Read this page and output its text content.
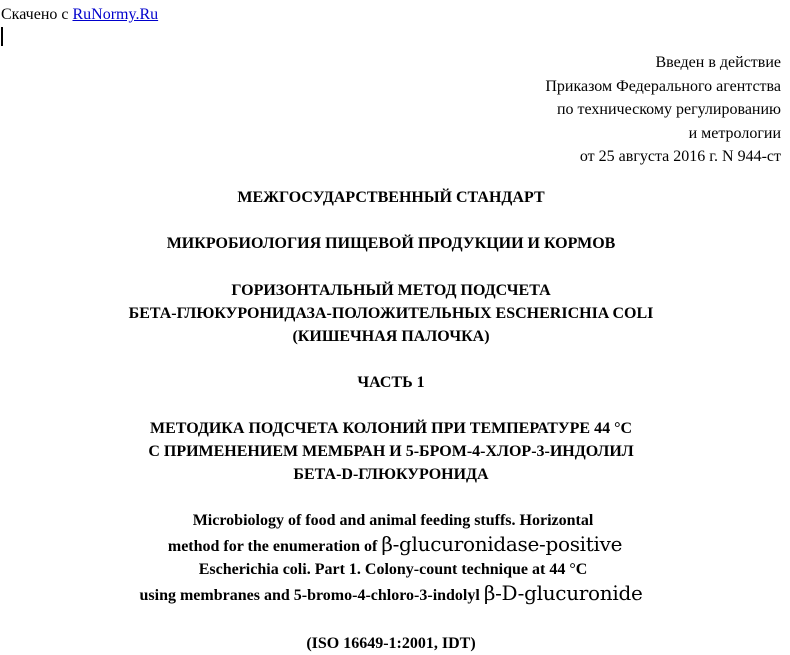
Скачено с RuNormy.Ru
Введен в действие
Приказом Федерального агентства
по техническому регулированию
и метрологии
от 25 августа 2016 г. N 944-ст
МЕЖГОСУДАРСТВЕННЫЙ СТАНДАРТ
МИКРОБИОЛОГИЯ ПИЩЕВОЙ ПРОДУКЦИИ И КОРМОВ
ГОРИЗОНТАЛЬНЫЙ МЕТОД ПОДСЧЕТА
БЕТА-ГЛЮКУРОНИДАЗА-ПОЛОЖИТЕЛЬНЫХ ESCHERICHIA COLI
(КИШЕЧНАЯ ПАЛОЧКА)
ЧАСТЬ 1
МЕТОДИКА ПОДСЧЕТА КОЛОНИЙ ПРИ ТЕМПЕРАТУРЕ 44 °С
С ПРИМЕНЕНИЕМ МЕМБРАН И 5-БРОМ-4-ХЛОР-3-ИНДОЛИЛ
БЕТА-D-ГЛЮКУРОНИДА
Microbiology of food and animal feeding stuffs. Horizontal
method for the enumeration of β-glucuronidase-positive
Escherichia coli. Part 1. Colony-count technique at 44 °C
using membranes and 5-bromo-4-chloro-3-indolyl β-D-glucuronide
(ISO 16649-1:2001, IDT)
